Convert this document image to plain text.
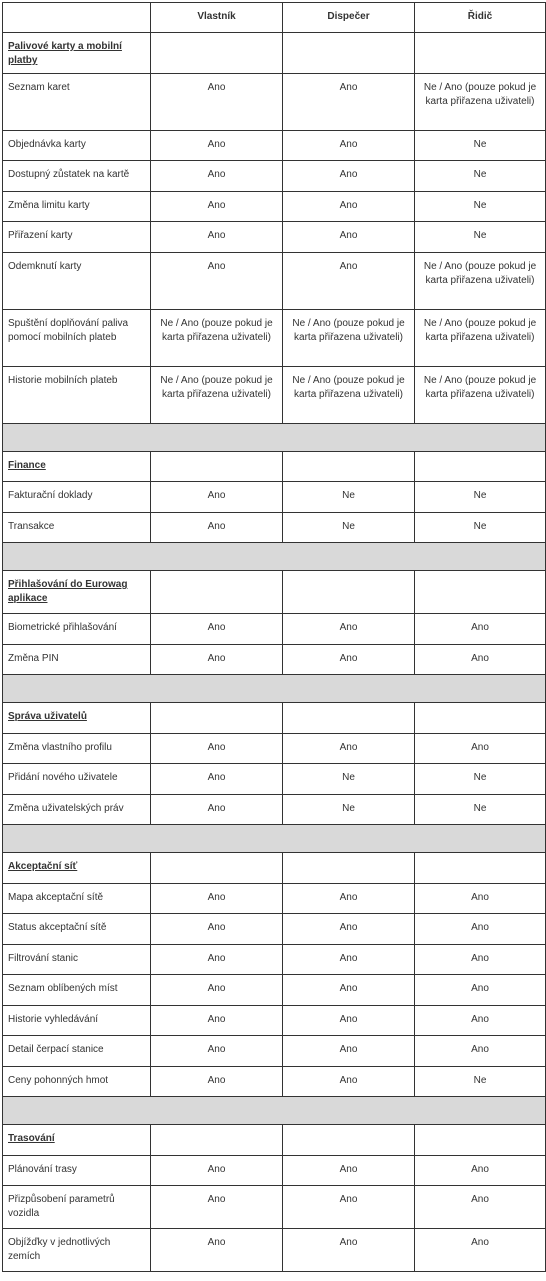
	Vlastník	Dispečer	Řidič
Palivové karty a mobilní platby			
Seznam karet	Ano	Ano	Ne / Ano (pouze pokud je karta přiřazena uživateli)
Objednávka karty	Ano	Ano	Ne
Dostupný zůstatek na kartě	Ano	Ano	Ne
Změna limitu karty	Ano	Ano	Ne
Přiřazení karty	Ano	Ano	Ne
Odemknutí karty	Ano	Ano	Ne / Ano (pouze pokud je karta přiřazena uživateli)
Spuštění doplňování paliva pomocí mobilních plateb	Ne / Ano (pouze pokud je karta přiřazena uživateli)	Ne / Ano (pouze pokud je karta přiřazena uživateli)	Ne / Ano (pouze pokud je karta přiřazena uživateli)
Historie mobilních plateb	Ne / Ano (pouze pokud je karta přiřazena uživateli)	Ne / Ano (pouze pokud je karta přiřazena uživateli)	Ne / Ano (pouze pokud je karta přiřazena uživateli)

Finance			
Fakturační doklady	Ano	Ne	Ne
Transakce	Ano	Ne	Ne

Přihlašování do Eurowag aplikace			
Biometrické přihlašování	Ano	Ano	Ano
Změna PIN	Ano	Ano	Ano

Správa uživatelů			
Změna vlastního profilu	Ano	Ano	Ano
Přidání nového uživatele	Ano	Ne	Ne
Změna uživatelských práv	Ano	Ne	Ne

Akceptační síť			
Mapa akceptační sítě	Ano	Ano	Ano
Status akceptační sítě	Ano	Ano	Ano
Filtrování stanic	Ano	Ano	Ano
Seznam oblíbených míst	Ano	Ano	Ano
Historie vyhledávání	Ano	Ano	Ano
Detail čerpací stanice	Ano	Ano	Ano
Ceny pohonných hmot	Ano	Ano	Ne

Trasování			
Plánování trasy	Ano	Ano	Ano
Přizpůsobení parametrů vozidla	Ano	Ano	Ano
Objížďky v jednotlivých zemích	Ano	Ano	Ano
